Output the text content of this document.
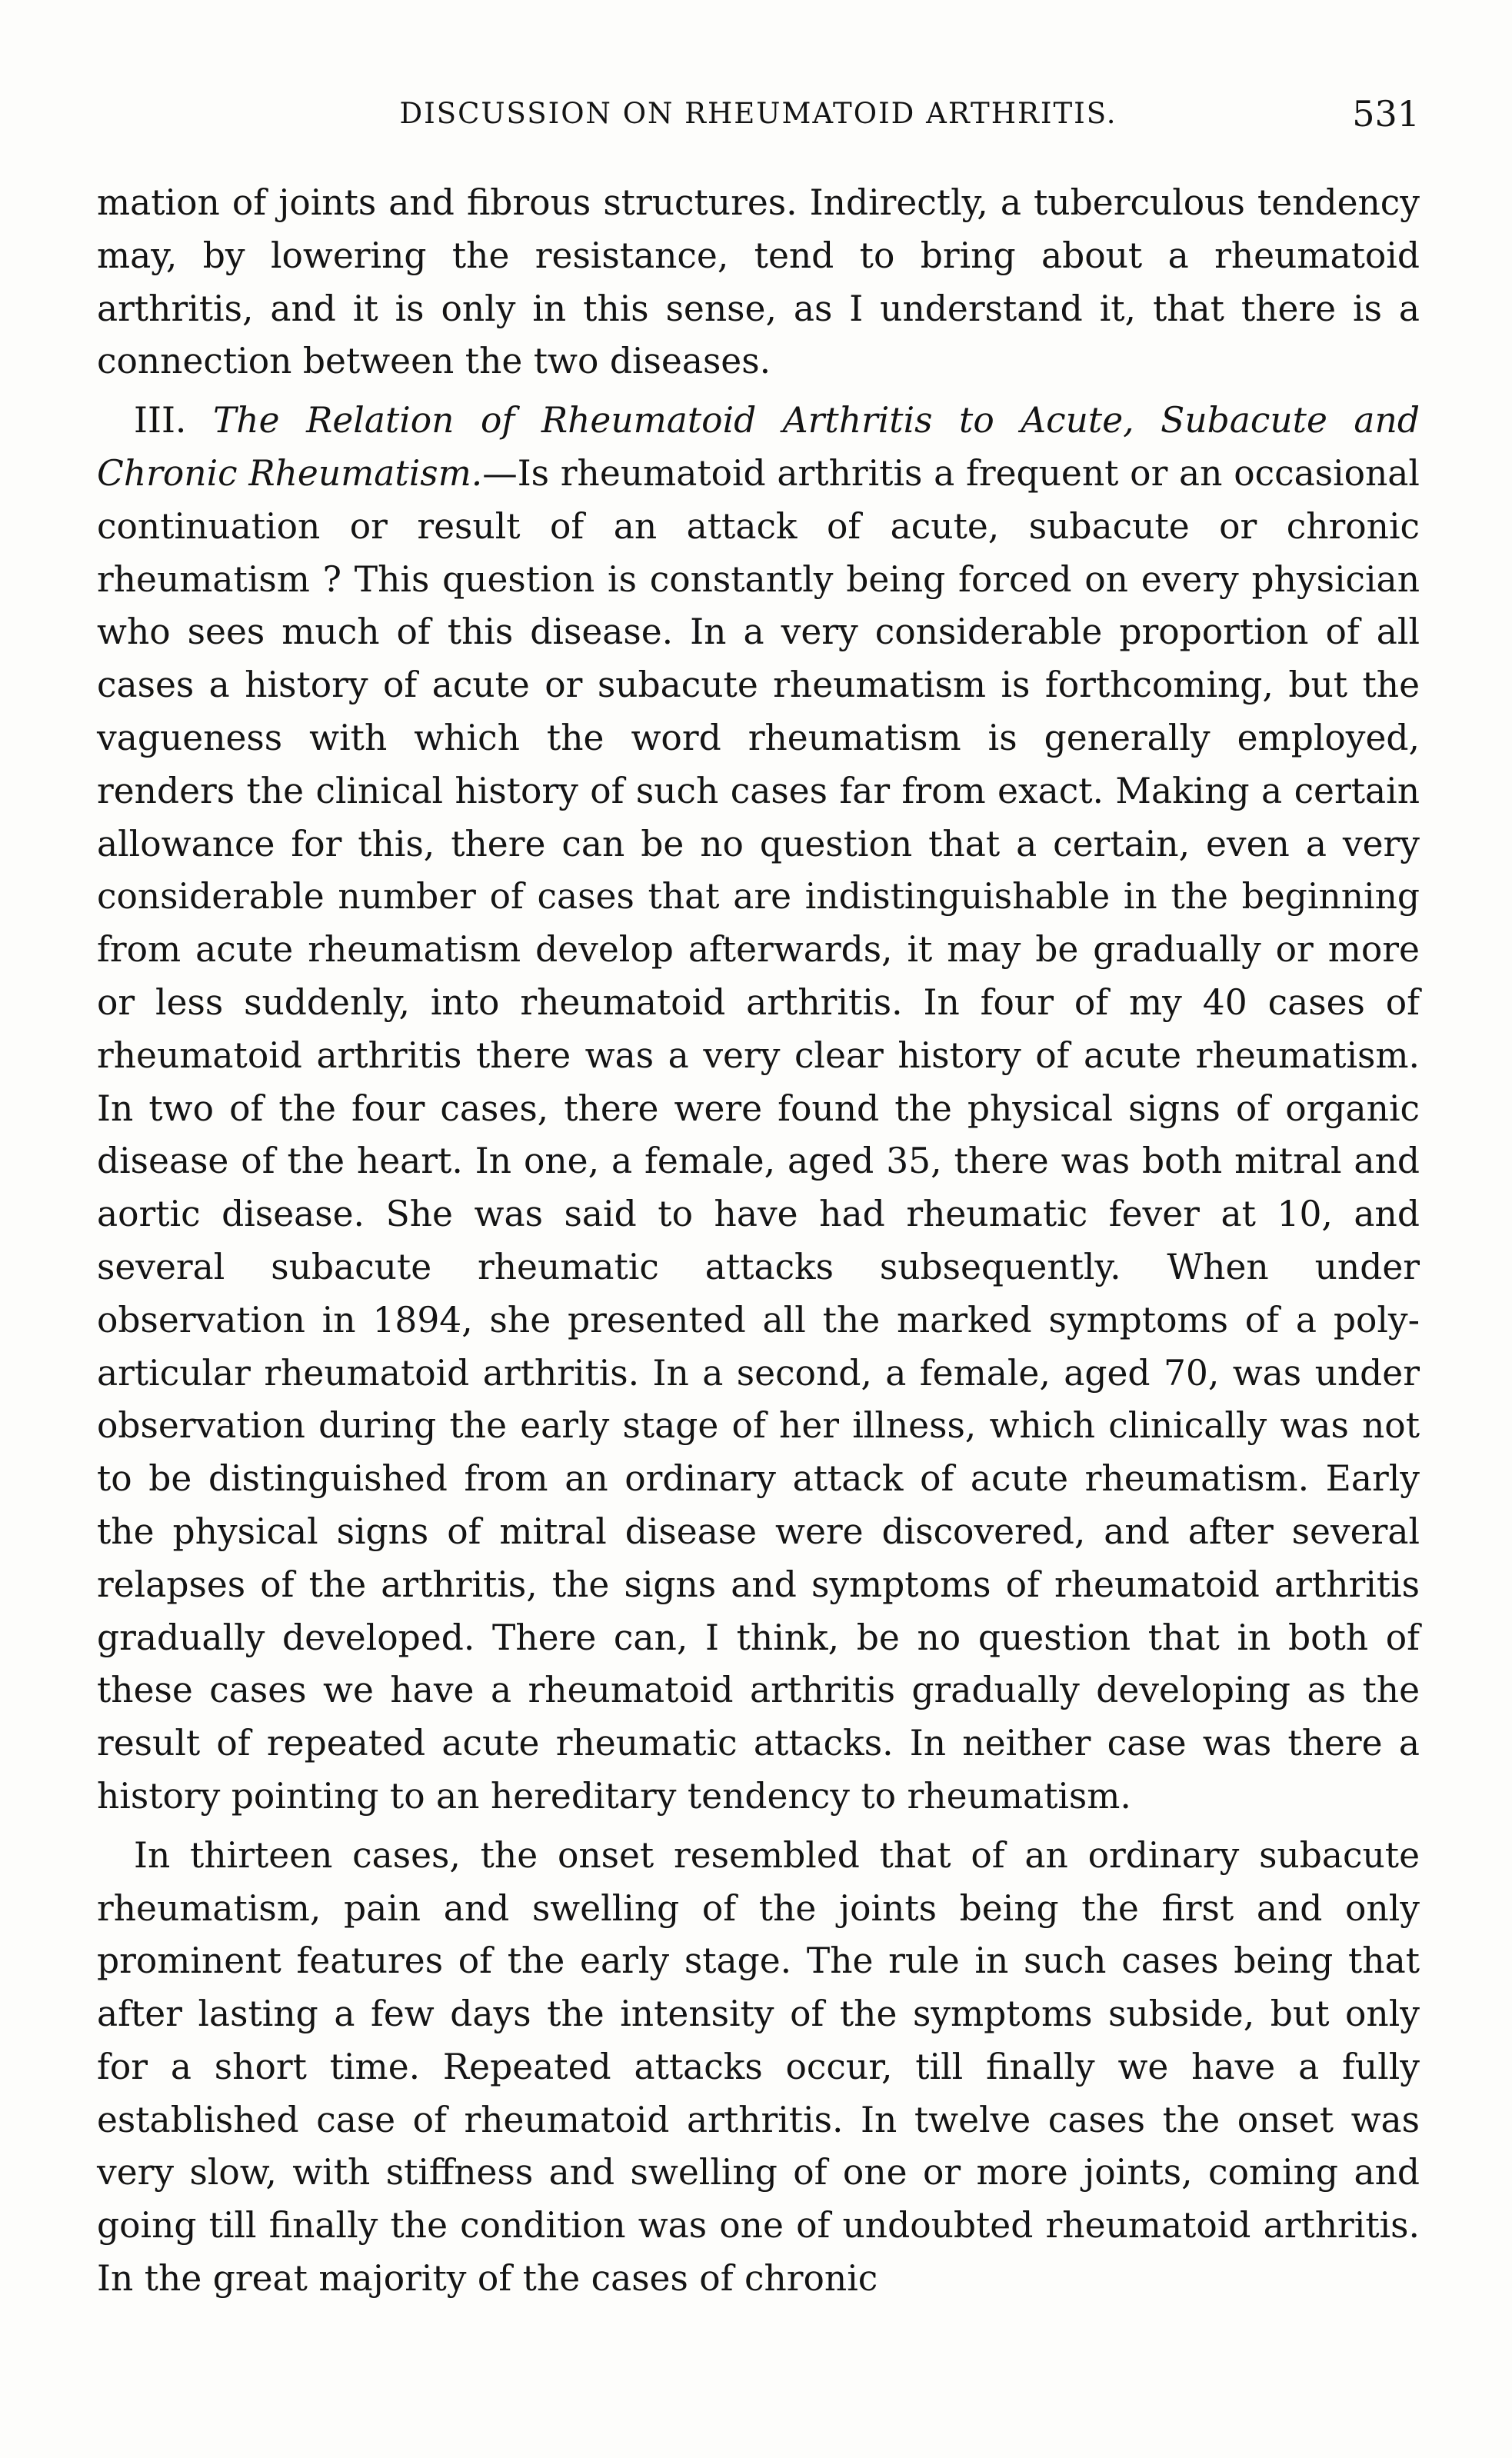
DISCUSSION ON RHEUMATOID ARTHRITIS.	531

mation of joints and fibrous structures. Indirectly, a tuberculous tendency may, by lowering the resistance, tend to bring about a rheumatoid arthritis, and it is only in this sense, as I understand it, that there is a connection between the two diseases.

III. The Relation of Rheumatoid Arthritis to Acute, Subacute and Chronic Rheumatism.—Is rheumatoid arthritis a frequent or an occasional continuation or result of an attack of acute, subacute or chronic rheumatism ? This question is constantly being forced on every physician who sees much of this disease. In a very considerable proportion of all cases a history of acute or subacute rheumatism is forthcoming, but the vagueness with which the word rheumatism is generally employed, renders the clinical history of such cases far from exact. Making a certain allowance for this, there can be no question that a certain, even a very considerable number of cases that are indistinguishable in the beginning from acute rheumatism develop afterwards, it may be gradually or more or less suddenly, into rheumatoid arthritis. In four of my 40 cases of rheumatoid arthritis there was a very clear history of acute rheumatism. In two of the four cases, there were found the physical signs of organic disease of the heart. In one, a female, aged 35, there was both mitral and aortic disease. She was said to have had rheumatic fever at 10, and several subacute rheumatic attacks subsequently. When under observation in 1894, she presented all the marked symptoms of a poly-articular rheumatoid arthritis. In a second, a female, aged 70, was under observation during the early stage of her illness, which clinically was not to be distinguished from an ordinary attack of acute rheumatism. Early the physical signs of mitral disease were discovered, and after several relapses of the arthritis, the signs and symptoms of rheumatoid arthritis gradually developed. There can, I think, be no question that in both of these cases we have a rheumatoid arthritis gradually developing as the result of repeated acute rheumatic attacks. In neither case was there a history pointing to an hereditary tendency to rheumatism.

In thirteen cases, the onset resembled that of an ordinary subacute rheumatism, pain and swelling of the joints being the first and only prominent features of the early stage. The rule in such cases being that after lasting a few days the intensity of the symptoms subside, but only for a short time. Repeated attacks occur, till finally we have a fully established case of rheumatoid arthritis. In twelve cases the onset was very slow, with stiffness and swelling of one or more joints, coming and going till finally the condition was one of undoubted rheumatoid arthritis. In the great majority of the cases of chronic
